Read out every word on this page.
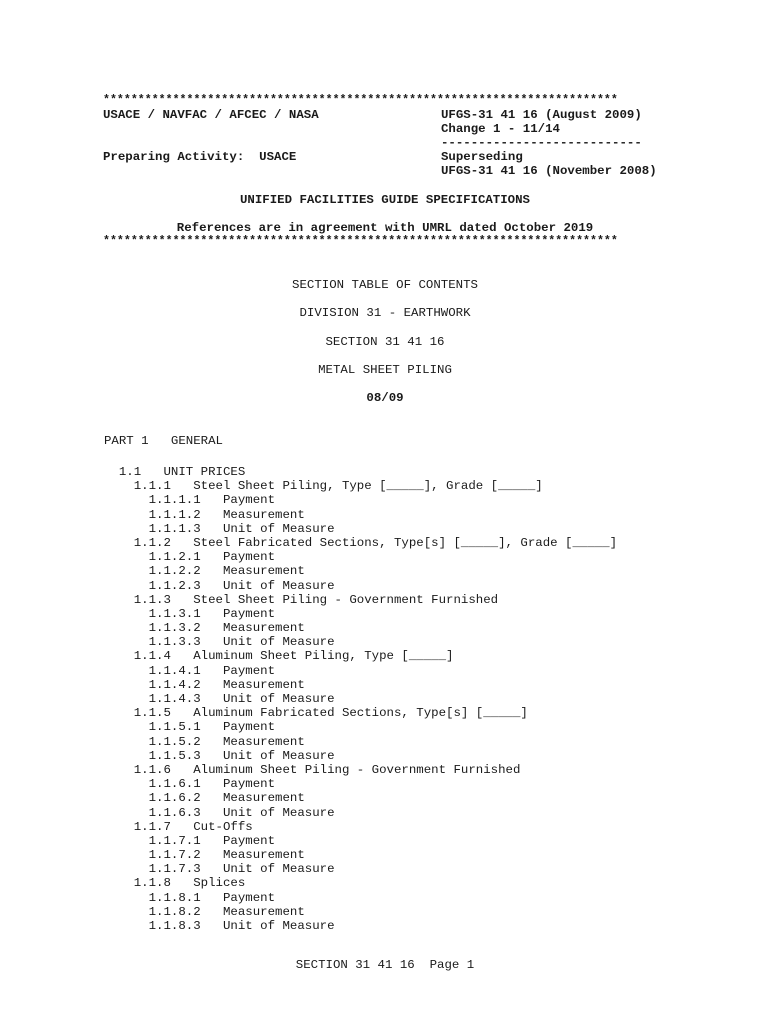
**************************************************************************
USACE / NAVFAC / AFCEC / NASA	UFGS-31 41 16 (August 2009)
Change 1 - 11/14
---------------------------
Preparing Activity:  USACE	Superseding
UFGS-31 41 16 (November 2008)
UNIFIED FACILITIES GUIDE SPECIFICATIONS
References are in agreement with UMRL dated October 2019
**************************************************************************
SECTION TABLE OF CONTENTS
DIVISION 31 - EARTHWORK
SECTION 31 41 16
METAL SHEET PILING
08/09
PART 1   GENERAL
1.1   UNIT PRICES
1.1.1   Steel Sheet Piling, Type [_____], Grade [_____]
1.1.1.1   Payment
1.1.1.2   Measurement
1.1.1.3   Unit of Measure
1.1.2   Steel Fabricated Sections, Type[s] [_____], Grade [_____]
1.1.2.1   Payment
1.1.2.2   Measurement
1.1.2.3   Unit of Measure
1.1.3   Steel Sheet Piling - Government Furnished
1.1.3.1   Payment
1.1.3.2   Measurement
1.1.3.3   Unit of Measure
1.1.4   Aluminum Sheet Piling, Type [_____]
1.1.4.1   Payment
1.1.4.2   Measurement
1.1.4.3   Unit of Measure
1.1.5   Aluminum Fabricated Sections, Type[s] [_____]
1.1.5.1   Payment
1.1.5.2   Measurement
1.1.5.3   Unit of Measure
1.1.6   Aluminum Sheet Piling - Government Furnished
1.1.6.1   Payment
1.1.6.2   Measurement
1.1.6.3   Unit of Measure
1.1.7   Cut-Offs
1.1.7.1   Payment
1.1.7.2   Measurement
1.1.7.3   Unit of Measure
1.1.8   Splices
1.1.8.1   Payment
1.1.8.2   Measurement
1.1.8.3   Unit of Measure
SECTION 31 41 16  Page 1
